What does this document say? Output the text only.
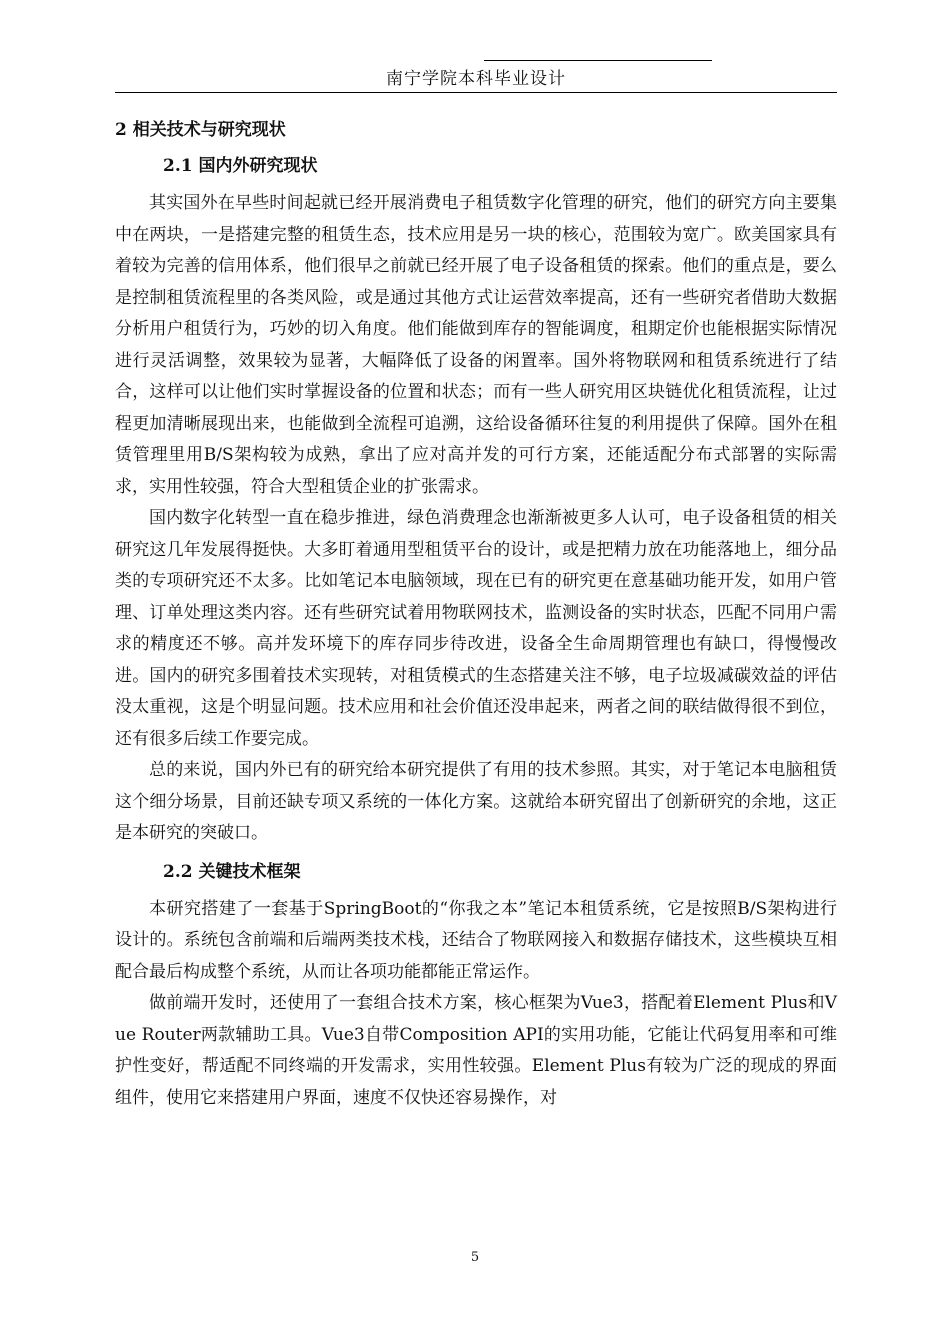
南宁学院本科毕业设计
2 相关技术与研究现状
2.1 国内外研究现状

其实国外在早些时间起就已经开展消费电子租赁数字化管理的研究，他们的研究方向主要集中在两块，一是搭建完整的租赁生态，技术应用是另一块的核心，范围较为宽广。欧美国家具有着较为完善的信用体系，他们很早之前就已经开展了电子设备租赁的探索。他们的重点是，要么是控制租赁流程里的各类风险，或是通过其他方式让运营效率提高，还有一些研究者借助大数据分析用户租赁行为，巧妙的切入角度。他们能做到库存的智能调度，租期定价也能根据实际情况进行灵活调整，效果较为显著，大幅降低了设备的闲置率。国外将物联网和租赁系统进行了结合，这样可以让他们实时掌握设备的位置和状态；而有一些人研究用区块链优化租赁流程，让过程更加清晰展现出来，也能做到全流程可追溯，这给设备循环往复的利用提供了保障。国外在租赁管理里用B/S架构较为成熟，拿出了应对高并发的可行方案，还能适配分布式部署的实际需求，实用性较强，符合大型租赁企业的扩张需求。

国内数字化转型一直在稳步推进，绿色消费理念也渐渐被更多人认可，电子设备租赁的相关研究这几年发展得挺快。大多盯着通用型租赁平台的设计，或是把精力放在功能落地上，细分品类的专项研究还不太多。比如笔记本电脑领域，现在已有的研究更在意基础功能开发，如用户管理、订单处理这类内容。还有些研究试着用物联网技术，监测设备的实时状态，匹配不同用户需求的精度还不够。高并发环境下的库存同步待改进，设备全生命周期管理也有缺口，得慢慢改进。国内的研究多围着技术实现转，对租赁模式的生态搭建关注不够，电子垃圾减碳效益的评估没太重视，这是个明显问题。技术应用和社会价值还没串起来，两者之间的联结做得很不到位，还有很多后续工作要完成。

总的来说，国内外已有的研究给本研究提供了有用的技术参照。其实，对于笔记本电脑租赁这个细分场景，目前还缺专项又系统的一体化方案。这就给本研究留出了创新研究的余地，这正是本研究的突破口。

2.2 关键技术框架

本研究搭建了一套基于SpringBoot的“你我之本”笔记本租赁系统，它是按照B/S架构进行设计的。系统包含前端和后端两类技术栈，还结合了物联网接入和数据存储技术，这些模块互相配合最后构成整个系统，从而让各项功能都能正常运作。

做前端开发时，还使用了一套组合技术方案，核心框架为Vue3，搭配着Element Plus和Vue Router两款辅助工具。Vue3自带Composition API的实用功能，它能让代码复用率和可维护性变好，帮适配不同终端的开发需求，实用性较强。Element Plus有较为广泛的现成的界面组件，使用它来搭建用户界面，速度不仅快还容易操作，对

5
